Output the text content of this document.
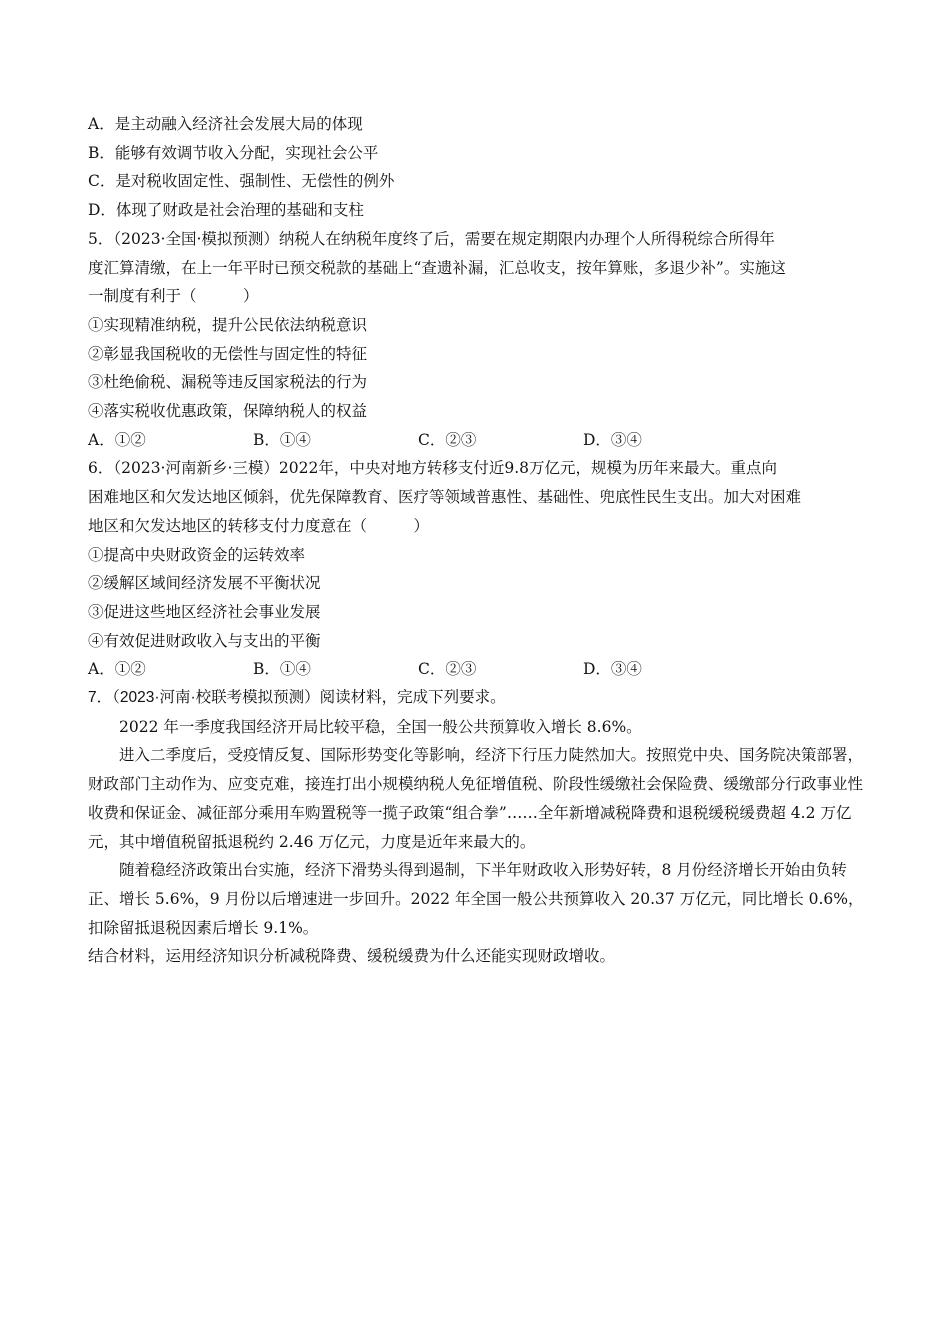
A．是主动融入经济社会发展大局的体现

B．能够有效调节收入分配，实现社会公平

C．是对税收固定性、强制性、无偿性的例外

D．体现了财政是社会治理的基础和支柱

5．（2023·全国·模拟预测）纳税人在纳税年度终了后，需要在规定期限内办理个人所得税综合所得年

度汇算清缴，在上一年平时已预交税款的基础上“查遗补漏，汇总收支，按年算账，多退少补”。实施这

一制度有利于（　　　）

①实现精准纳税，提升公民依法纳税意识

②彰显我国税收的无偿性与固定性的特征

③杜绝偷税、漏税等违反国家税法的行为

④落实税收优惠政策，保障纳税人的权益

A．①②	B．①④	C．②③	D．③④

6．（2023·河南新乡·三模）2022年，中央对地方转移支付近9.8万亿元，规模为历年来最大。重点向

困难地区和欠发达地区倾斜，优先保障教育、医疗等领域普惠性、基础性、兜底性民生支出。加大对困难

地区和欠发达地区的转移支付力度意在（　　　）

①提高中央财政资金的运转效率

②缓解区域间经济发展不平衡状况

③促进这些地区经济社会事业发展

④有效促进财政收入与支出的平衡

A．①②	B．①④	C．②③	D．③④

7．（2023·河南·校联考模拟预测）阅读材料，完成下列要求。

2022 年一季度我国经济开局比较平稳，全国一般公共预算收入增长 8.6%。

进入二季度后，受疫情反复、国际形势变化等影响，经济下行压力陡然加大。按照党中央、国务院决策部署，财政部门主动作为、应变克难，接连打出小规模纳税人免征增值税、阶段性缓缴社会保险费、缓缴部分行政事业性收费和保证金、减征部分乘用车购置税等一揽子政策“组合拳”……全年新增减税降费和退税缓税缓费超 4.2 万亿元，其中增值税留抵退税约 2.46 万亿元，力度是近年来最大的。

随着稳经济政策出台实施，经济下滑势头得到遏制，下半年财政收入形势好转，8 月份经济增长开始由负转正、增长 5.6%，9 月份以后增速进一步回升。2022 年全国一般公共预算收入 20.37 万亿元，同比增长 0.6%，扣除留抵退税因素后增长 9.1%。

结合材料，运用经济知识分析减税降费、缓税缓费为什么还能实现财政增收。
